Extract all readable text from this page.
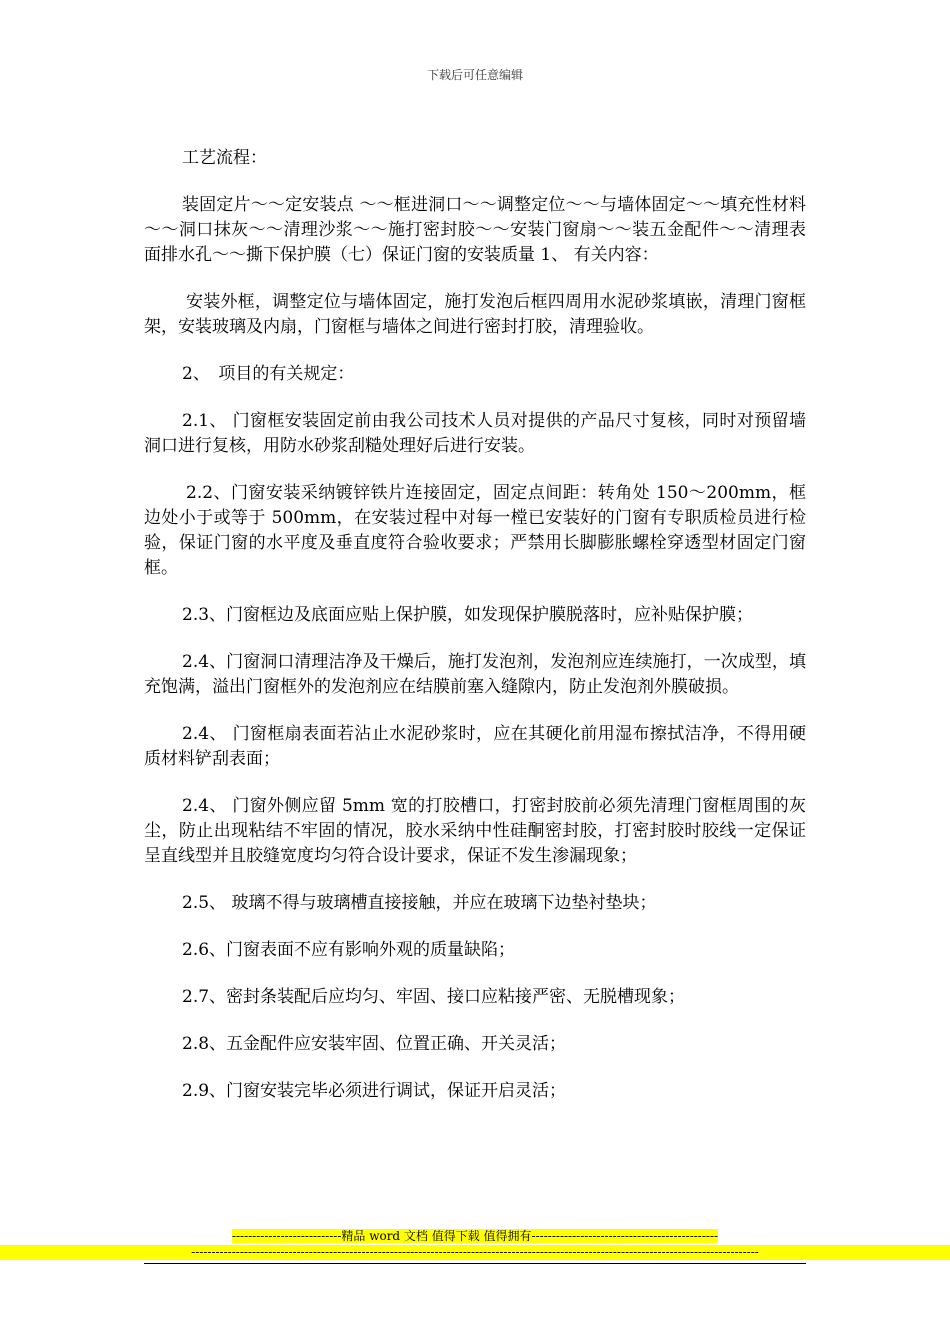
下载后可任意编辑

工艺流程：

装固定片～～定安装点 ～～框进洞口～～调整定位～～与墙体固定～～填充性材料～～洞口抹灰～～清理沙浆～～施打密封胶～～安装门窗扇～～装五金配件～～清理表面排水孔～～撕下保护膜（七）保证门窗的安装质量 1、 有关内容：

安装外框，调整定位与墙体固定，施打发泡后框四周用水泥砂浆填嵌，清理门窗框架，安装玻璃及内扇，门窗框与墙体之间进行密封打胶，清理验收。

2、　项目的有关规定：

2.1、 门窗框安装固定前由我公司技术人员对提供的产品尺寸复核，同时对预留墙洞口进行复核，用防水砂浆刮糙处理好后进行安装。

2.2、门窗安装采纳镀锌铁片连接固定，固定点间距：转角处 150～200mm，框边处小于或等于 500mm，在安装过程中对每一樘已安装好的门窗有专职质检员进行检验，保证门窗的水平度及垂直度符合验收要求；严禁用长脚膨胀螺栓穿透型材固定门窗框。

2.3、门窗框边及底面应贴上保护膜，如发现保护膜脱落时，应补贴保护膜；

2.4、门窗洞口清理洁净及干燥后，施打发泡剂，发泡剂应连续施打，一次成型，填充饱满，溢出门窗框外的发泡剂应在结膜前塞入缝隙内，防止发泡剂外膜破损。

2.4、 门窗框扇表面若沾止水泥砂浆时，应在其硬化前用湿布擦拭洁净，不得用硬质材料铲刮表面；

2.4、 门窗外侧应留 5mm 宽的打胶槽口，打密封胶前必须先清理门窗框周围的灰尘，防止出现粘结不牢固的情况，胶水采纳中性硅酮密封胶，打密封胶时胶线一定保证呈直线型并且胶缝宽度均匀符合设计要求，保证不发生渗漏现象；

2.5、 玻璃不得与玻璃槽直接接触，并应在玻璃下边垫衬垫块；

2.6、门窗表面不应有影响外观的质量缺陷；

2.7、密封条装配后应均匀、牢固、接口应粘接严密、无脱槽现象；

2.8、五金配件应安装牢固、位置正确、开关灵活；

2.9、门窗安装完毕必须进行调试，保证开启灵活；

---------------------------精品 word 文档 值得下载 值得拥有----------------------------------------------
--------------------------------------------------------------------------------------------------------------------------------------------
